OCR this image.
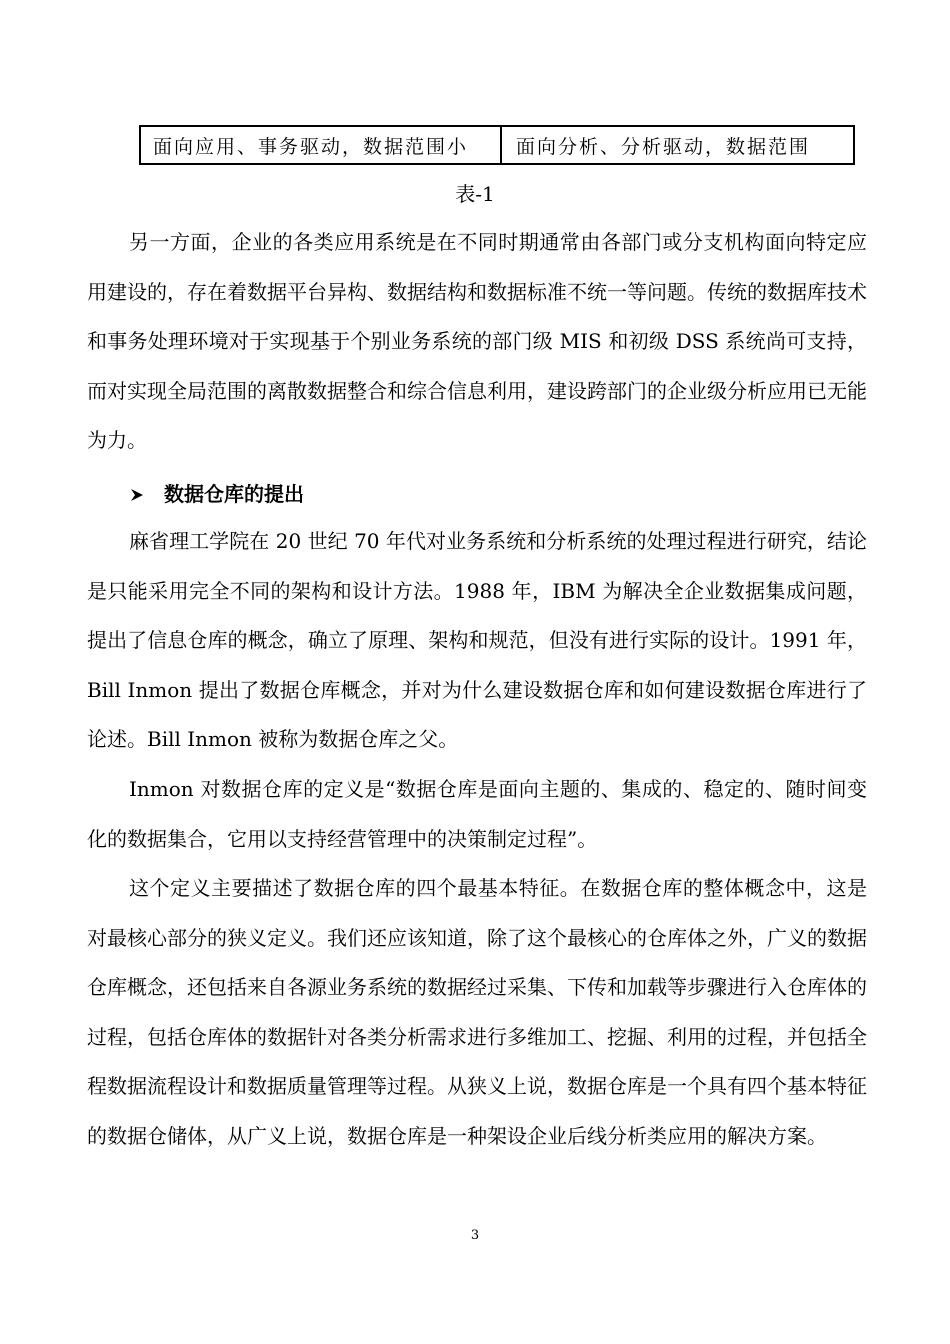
面向应用、事务驱动，数据范围小	面向分析、分析驱动，数据范围
表-1

另一方面，企业的各类应用系统是在不同时期通常由各部门或分支机构面向特定应用建设的，存在着数据平台异构、数据结构和数据标准不统一等问题。传统的数据库技术和事务处理环境对于实现基于个别业务系统的部门级 MIS 和初级 DSS 系统尚可支持，而对实现全局范围的离散数据整合和综合信息利用，建设跨部门的企业级分析应用已无能为力。

数据仓库的提出

麻省理工学院在 20 世纪 70 年代对业务系统和分析系统的处理过程进行研究，结论是只能采用完全不同的架构和设计方法。1988 年，IBM 为解决全企业数据集成问题，提出了信息仓库的概念，确立了原理、架构和规范，但没有进行实际的设计。1991 年，Bill Inmon 提出了数据仓库概念，并对为什么建设数据仓库和如何建设数据仓库进行了论述。Bill Inmon 被称为数据仓库之父。

Inmon 对数据仓库的定义是“数据仓库是面向主题的、集成的、稳定的、随时间变化的数据集合，它用以支持经营管理中的决策制定过程”。

这个定义主要描述了数据仓库的四个最基本特征。在数据仓库的整体概念中，这是对最核心部分的狭义定义。我们还应该知道，除了这个最核心的仓库体之外，广义的数据仓库概念，还包括来自各源业务系统的数据经过采集、下传和加载等步骤进行入仓库体的过程，包括仓库体的数据针对各类分析需求进行多维加工、挖掘、利用的过程，并包括全程数据流程设计和数据质量管理等过程。从狭义上说，数据仓库是一个具有四个基本特征的数据仓储体，从广义上说，数据仓库是一种架设企业后线分析类应用的解决方案。

3
